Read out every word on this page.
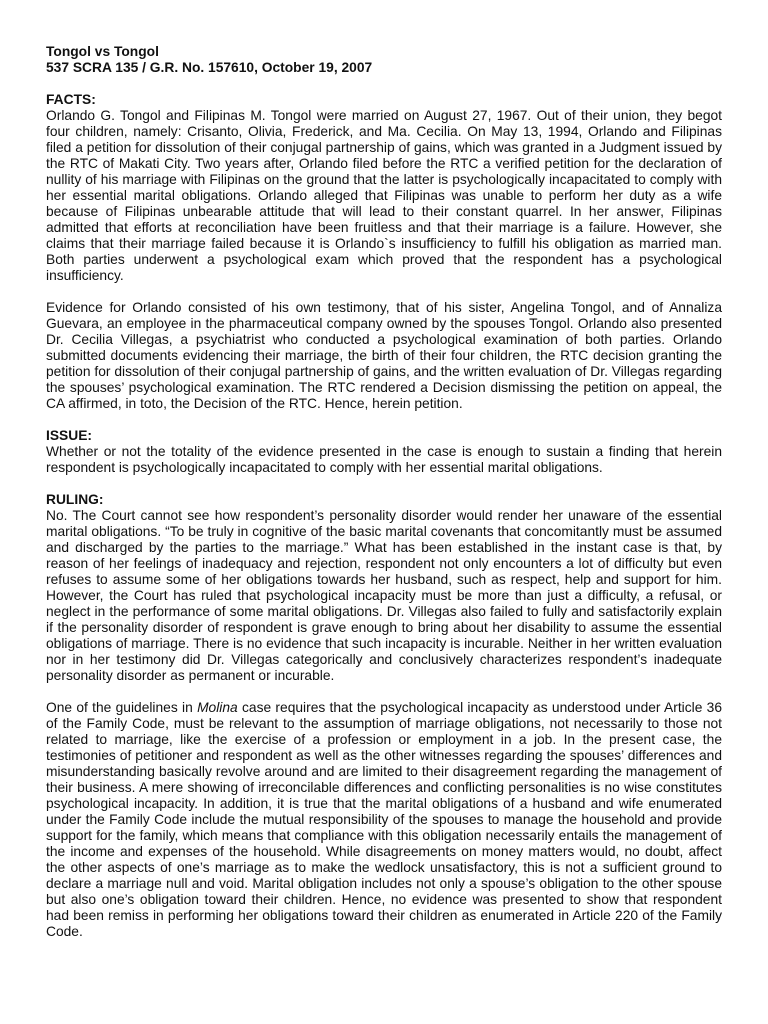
Tongol vs Tongol
537 SCRA 135 / G.R. No. 157610, October 19, 2007
FACTS:

Orlando G. Tongol and Filipinas M. Tongol were married on August 27, 1967. Out of their union, they begot four children, namely: Crisanto, Olivia, Frederick, and Ma. Cecilia. On May 13, 1994, Orlando and Filipinas filed a petition for dissolution of their conjugal partnership of gains, which was granted in a Judgment issued by the RTC of Makati City. Two years after, Orlando filed before the RTC a verified petition for the declaration of nullity of his marriage with Filipinas on the ground that the latter is psychologically incapacitated to comply with her essential marital obligations. Orlando alleged that Filipinas was unable to perform her duty as a wife because of Filipinas unbearable attitude that will lead to their constant quarrel. In her answer, Filipinas admitted that efforts at reconciliation have been fruitless and that their marriage is a failure. However, she claims that their marriage failed because it is Orlando`s insufficiency to fulfill his obligation as married man. Both parties underwent a psychological exam which proved that the respondent has a psychological insufficiency.

Evidence for Orlando consisted of his own testimony, that of his sister, Angelina Tongol, and of Annaliza Guevara, an employee in the pharmaceutical company owned by the spouses Tongol. Orlando also presented Dr. Cecilia Villegas, a psychiatrist who conducted a psychological examination of both parties. Orlando submitted documents evidencing their marriage, the birth of their four children, the RTC decision granting the petition for dissolution of their conjugal partnership of gains, and the written evaluation of Dr. Villegas regarding the spouses’ psychological examination. The RTC rendered a Decision dismissing the petition on appeal, the CA affirmed, in toto, the Decision of the RTC. Hence, herein petition.

ISSUE:

Whether or not the totality of the evidence presented in the case is enough to sustain a finding that herein respondent is psychologically incapacitated to comply with her essential marital obligations.

RULING:

No. The Court cannot see how respondent’s personality disorder would render her unaware of the essential marital obligations. “To be truly in cognitive of the basic marital covenants that concomitantly must be assumed and discharged by the parties to the marriage.” What has been established in the instant case is that, by reason of her feelings of inadequacy and rejection, respondent not only encounters a lot of difficulty but even refuses to assume some of her obligations towards her husband, such as respect, help and support for him. However, the Court has ruled that psychological incapacity must be more than just a difficulty, a refusal, or neglect in the performance of some marital obligations. Dr. Villegas also failed to fully and satisfactorily explain if the personality disorder of respondent is grave enough to bring about her disability to assume the essential obligations of marriage. There is no evidence that such incapacity is incurable. Neither in her written evaluation nor in her testimony did Dr. Villegas categorically and conclusively characterizes respondent’s inadequate personality disorder as permanent or incurable.

One of the guidelines in Molina case requires that the psychological incapacity as understood under Article 36 of the Family Code, must be relevant to the assumption of marriage obligations, not necessarily to those not related to marriage, like the exercise of a profession or employment in a job. In the present case, the testimonies of petitioner and respondent as well as the other witnesses regarding the spouses’ differences and misunderstanding basically revolve around and are limited to their disagreement regarding the management of their business. A mere showing of irreconcilable differences and conflicting personalities is no wise constitutes psychological incapacity. In addition, it is true that the marital obligations of a husband and wife enumerated under the Family Code include the mutual responsibility of the spouses to manage the household and provide support for the family, which means that compliance with this obligation necessarily entails the management of the income and expenses of the household. While disagreements on money matters would, no doubt, affect the other aspects of one’s marriage as to make the wedlock unsatisfactory, this is not a sufficient ground to declare a marriage null and void. Marital obligation includes not only a spouse’s obligation to the other spouse but also one’s obligation toward their children. Hence, no evidence was presented to show that respondent had been remiss in performing her obligations toward their children as enumerated in Article 220 of the Family Code.
